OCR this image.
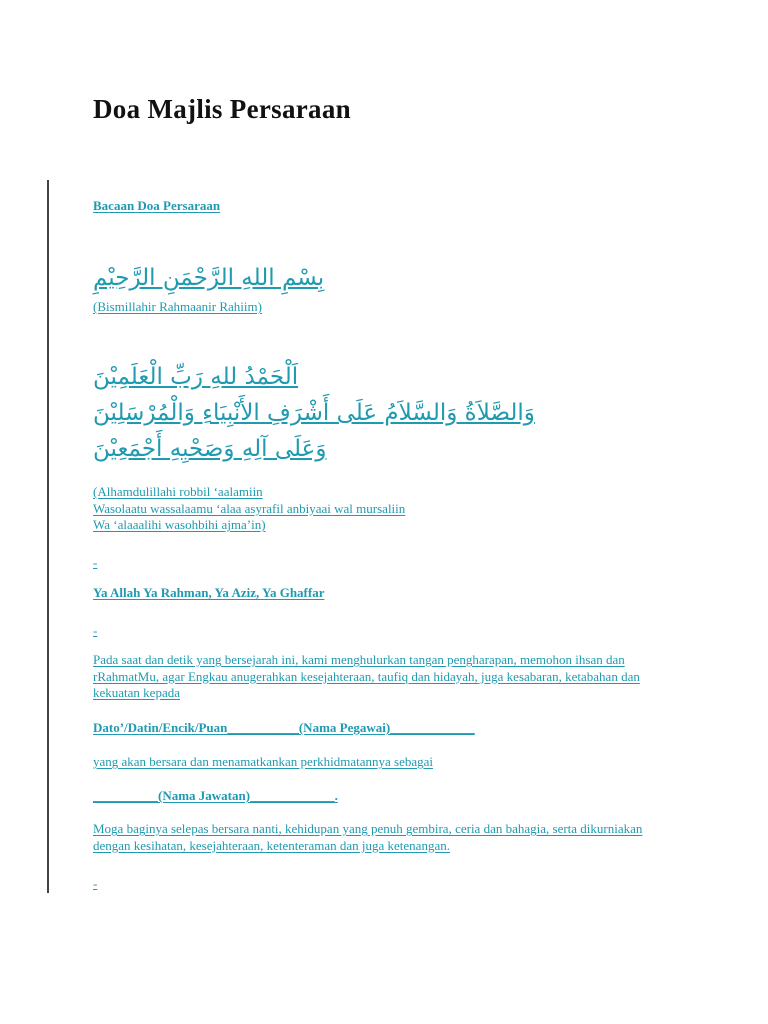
Doa Majlis Persaraan
Bacaan Doa Persaraan
بِسْمِ اللهِ الرَّحْمَنِ الرَّحِيْمِ
(Bismillahir Rahmaanir Rahiim)
اَلْحَمْدُ للهِ رَبِّ الْعَلَمِيْنَ
وَالصَّلاَةُ وَالسَّلاَمُ عَلَى أَشْرَفِ الأَنْبِيَاءِ وَالْمُرْسَلِيْنَ
وَعَلَى آلِهِ وَصَحْبِهِ أَجْمَعِيْنَ
(Alhamdulillahi robbil ‘aalamiin
Wasolaatu wassalaamu ‘alaa asyrafil anbiyaai wal mursaliin
Wa ‘alaaalihi wasohbihi ajma’in)
-
Ya Allah Ya Rahman, Ya Aziz, Ya Ghaffar
-
Pada saat dan detik yang bersejarah ini, kami menghulurkan tangan pengharapan, memohon ihsan dan rRahmatMu, agar Engkau anugerahkan kesejahteraan, taufiq dan hidayah, juga kesabaran, ketabahan dan kekuatan kepada
Dato’/Datin/Encik/Puan___________(Nama Pegawai)_____________
yang akan bersara dan menamatkankan perkhidmatannya sebagai
__________(Nama Jawatan)_____________.
Moga baginya selepas bersara nanti, kehidupan yang penuh gembira, ceria dan bahagia, serta dikurniakan dengan kesihatan, kesejahteraan, ketenteraman dan juga ketenangan.
-
